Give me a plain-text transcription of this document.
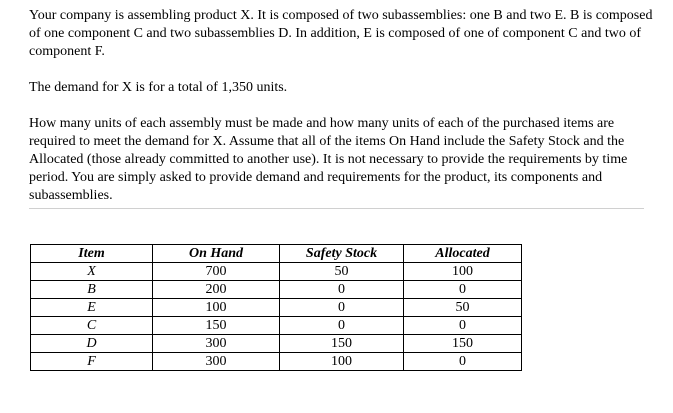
Your company is assembling product X. It is composed of two subassemblies: one B and two E. B is composed of one component C and two subassemblies D. In addition, E is composed of one of component C and two of component F.

The demand for X is for a total of 1,350 units.

How many units of each assembly must be made and how many units of each of the purchased items are required to meet the demand for X. Assume that all of the items On Hand include the Safety Stock and the Allocated (those already committed to another use). It is not necessary to provide the requirements by time period. You are simply asked to provide demand and requirements for the product, its components and subassemblies.

Item	On Hand	Safety Stock	Allocated
X	700	50	100
B	200	0	0
E	100	0	50
C	150	0	0
D	300	150	150
F	300	100	0
